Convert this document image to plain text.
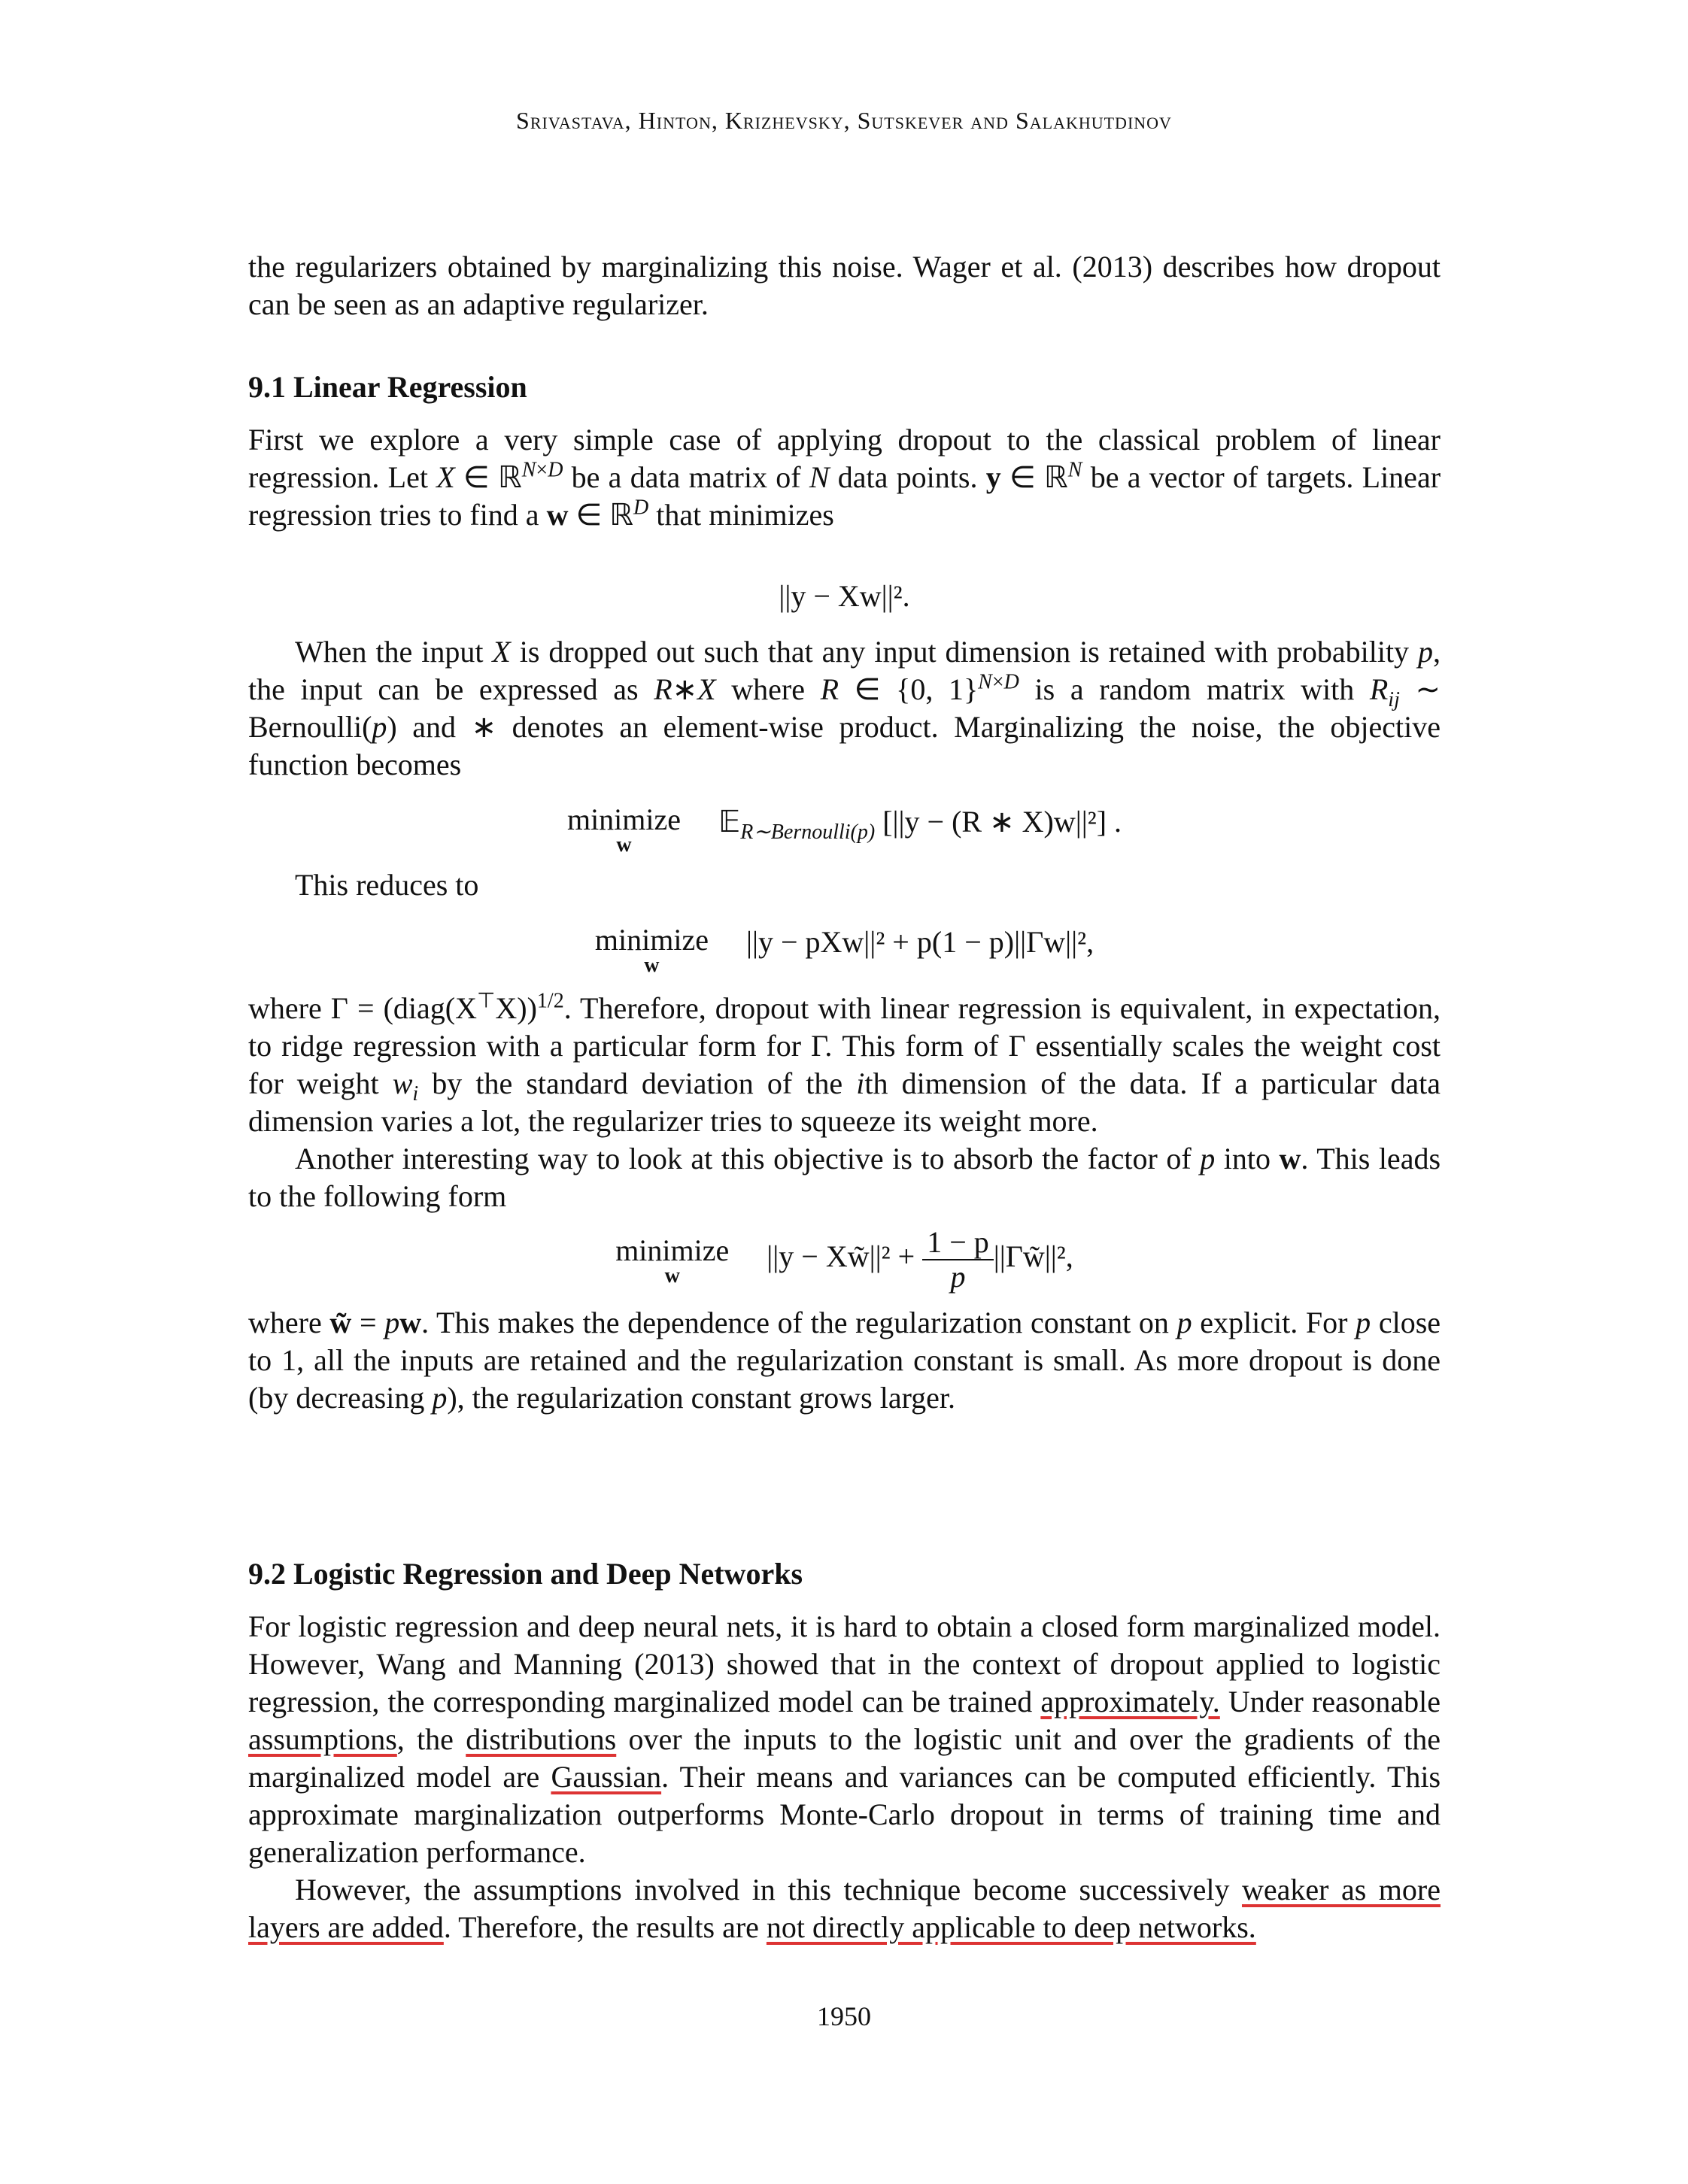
Srivastava, Hinton, Krizhevsky, Sutskever and Salakhutdinov

the regularizers obtained by marginalizing this noise. Wager et al. (2013) describes how dropout can be seen as an adaptive regularizer.

9.1 Linear Regression

First we explore a very simple case of applying dropout to the classical problem of linear regression. Let X ∈ ℝ$^{N\times D}$ be a data matrix of N data points. y ∈ ℝ$^N$ be a vector of targets. Linear regression tries to find a w ∈ ℝ$^D$ that minimizes

||y − Xw||².

When the input X is dropped out such that any input dimension is retained with probability p, the input can be expressed as R∗X where R ∈ {0, 1}$^{N\times D}$ is a random matrix with $R_{ij}$ ∼ Bernoulli(p) and ∗ denotes an element-wise product. Marginalizing the noise, the objective function becomes

minimize
w
𝔼$_{R\sim Bernoulli(p)}$ [||y − (R ∗ X)w||²] .

This reduces to

minimize
w
||y − pXw||² + p(1 − p)||Γw||²,

where Γ = (diag(X⊤X))$^{1/2}$. Therefore, dropout with linear regression is equivalent, in expectation, to ridge regression with a particular form for Γ. This form of Γ essentially scales the weight cost for weight $w_i$ by the standard deviation of the ith dimension of the data. If a particular data dimension varies a lot, the regularizer tries to squeeze its weight more.

Another interesting way to look at this objective is to absorb the factor of p into w. This leads to the following form

minimize
w
||y − Xw̃||² + $\frac{1 - p}{p}$ ||Γw̃||²,

where w̃ = pw. This makes the dependence of the regularization constant on p explicit. For p close to 1, all the inputs are retained and the regularization constant is small. As more dropout is done (by decreasing p), the regularization constant grows larger.

9.2 Logistic Regression and Deep Networks

For logistic regression and deep neural nets, it is hard to obtain a closed form marginalized model. However, Wang and Manning (2013) showed that in the context of dropout applied to logistic regression, the corresponding marginalized model can be trained approximately. Under reasonable assumptions, the distributions over the inputs to the logistic unit and over the gradients of the marginalized model are Gaussian. Their means and variances can be computed efficiently. This approximate marginalization outperforms Monte-Carlo dropout in terms of training time and generalization performance.

However, the assumptions involved in this technique become successively weaker as more layers are added. Therefore, the results are not directly applicable to deep networks.

1950
